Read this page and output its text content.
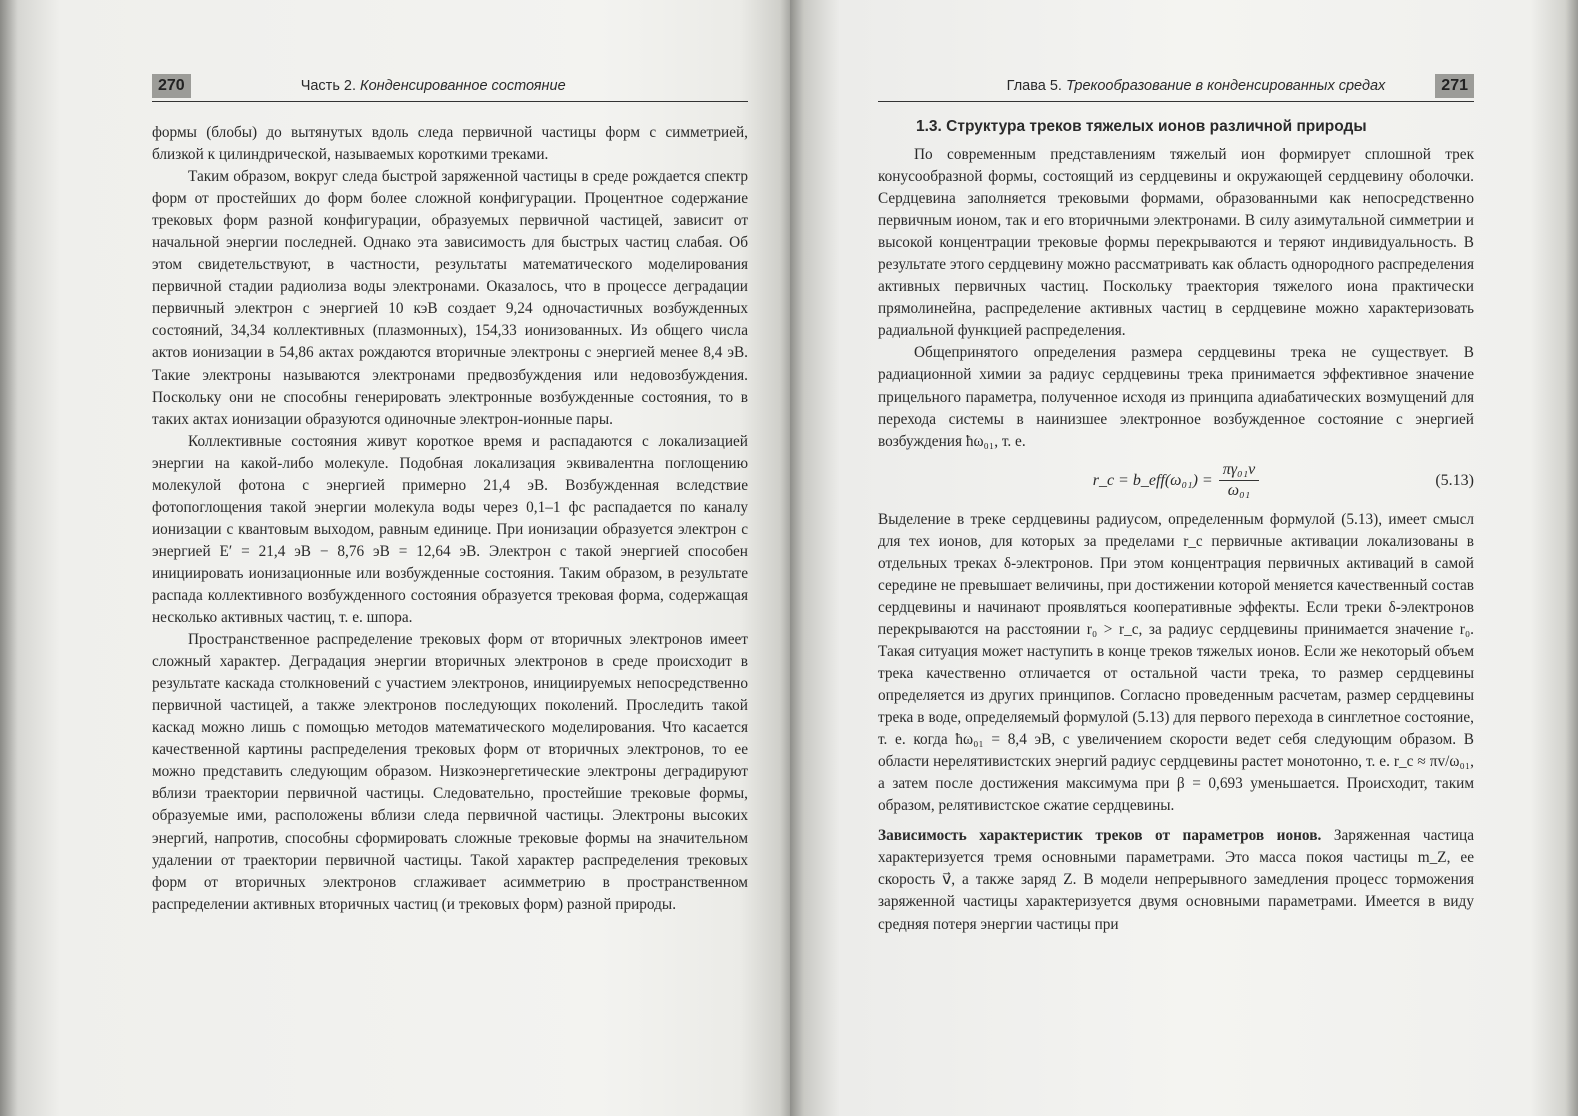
270	Часть 2.
Конденсированное состояние

формы (блобы) до вытянутых вдоль следа первичной частицы форм с симметрией, близкой к цилиндрической, называемых короткими треками.

Таким образом, вокруг следа быстрой заряженной частицы в среде рождается спектр форм от простейших до форм более сложной конфигурации. Процентное содержание трековых форм разной конфигурации, образуемых первичной частицей, зависит от начальной энергии последней. Однако эта зависимость для быстрых частиц слабая. Об этом свидетельствуют, в частности, результаты математического моделирования первичной стадии радиолиза воды электронами. Оказалось, что в процессе деградации первичный электрон с энергией 10 кэВ создает 9,24 одночастичных возбужденных состояний, 34,34 коллективных (плазмонных), 154,33 ионизованных. Из общего числа актов ионизации в 54,86 актах рождаются вторичные электроны с энергией менее 8,4 эВ. Такие электроны называются электронами предвозбуждения или недовозбуждения. Поскольку они не способны генерировать электронные возбужденные состояния, то в таких актах ионизации образуются одиночные электрон-ионные пары.

Коллективные состояния живут короткое время и распадаются с локализацией энергии на какой-либо молекуле. Подобная локализация эквивалентна поглощению молекулой фотона с энергией примерно 21,4 эВ. Возбужденная вследствие фотопоглощения такой энергии молекула воды через 0,1–1 фс распадается по каналу ионизации с квантовым выходом, равным единице. При ионизации образуется электрон с энергией E′ = 21,4 эВ − 8,76 эВ = 12,64 эВ. Электрон с такой энергией способен инициировать ионизационные или возбужденные состояния. Таким образом, в результате распада коллективного возбужденного состояния образуется трековая форма, содержащая несколько активных частиц, т. е. шпора.

Пространственное распределение трековых форм от вторичных электронов имеет сложный характер. Деградация энергии вторичных электронов в среде происходит в результате каскада столкновений с участием электронов, инициируемых непосредственно первичной частицей, а также электронов последующих поколений. Проследить такой каскад можно лишь с помощью методов математического моделирования. Что касается качественной картины распределения трековых форм от вторичных электронов, то ее можно представить следующим образом. Низкоэнергетические электроны деградируют вблизи траектории первичной частицы. Следовательно, простейшие трековые формы, образуемые ими, расположены вблизи следа первичной частицы. Электроны высоких энергий, напротив, способны сформировать сложные трековые формы на значительном удалении от траектории первичной частицы. Такой характер распределения трековых форм от вторичных электронов сглаживает асимметрию в пространственном распределении активных вторичных частиц (и трековых форм) разной природы.

Глава 5.
Трекообразование в конденсированных средах	271
1.3. Структура треков тяжелых ионов различной природы

По современным представлениям тяжелый ион формирует сплошной трек конусообразной формы, состоящий из сердцевины и окружающей сердцевину оболочки. Сердцевина заполняется трековыми формами, образованными как непосредственно первичным ионом, так и его вторичными электронами. В силу азимутальной симметрии и высокой концентрации трековые формы перекрываются и теряют индивидуальность. В результате этого сердцевину можно рассматривать как область однородного распределения активных первичных частиц. Поскольку траектория тяжелого иона практически прямолинейна, распределение активных частиц в сердцевине можно характеризовать радиальной функцией распределения.

Общепринятого определения размера сердцевины трека не существует. В радиационной химии за радиус сердцевины трека принимается эффективное значение прицельного параметра, полученное исходя из принципа адиабатических возмущений для перехода системы в наинизшее электронное возбужденное состояние с энергией возбуждения ħω₀₁, т. е.

r_c = b_eff(ω₀₁) = $\frac{\text{πγ₀₁v}}{\text{ω₀₁}}$	(5.13)

Выделение в треке сердцевины радиусом, определенным формулой (5.13), имеет смысл для тех ионов, для которых за пределами r_c первичные активации локализованы в отдельных треках δ-электронов. При этом концентрация первичных активаций в самой середине не превышает величины, при достижении которой меняется качественный состав сердцевины и начинают проявляться кооперативные эффекты. Если треки δ-электронов перекрываются на расстоянии r₀ > r_c, за радиус сердцевины принимается значение r₀. Такая ситуация может наступить в конце треков тяжелых ионов. Если же некоторый объем трека качественно отличается от остальной части трека, то размер сердцевины определяется из других принципов. Согласно проведенным расчетам, размер сердцевины трека в воде, определяемый формулой (5.13) для первого перехода в синглетное состояние, т. е. когда ħω₀₁ = 8,4 эВ, с увеличением скорости ведет себя следующим образом. В области нерелятивистских энергий радиус сердцевины растет монотонно, т. е. r_c ≈ πv/ω₀₁, а затем после достижения максимума при β = 0,693 уменьшается. Происходит, таким образом, релятивистское сжатие сердцевины.

Зависимость характеристик треков от параметров ионов. Заряженная частица характеризуется тремя основными параметрами. Это масса покоя частицы m_Z, ее скорость v⃗, а также заряд Z. В модели непрерывного замедления процесс торможения заряженной частицы характеризуется двумя основными параметрами. Имеется в виду средняя потеря энергии частицы при
